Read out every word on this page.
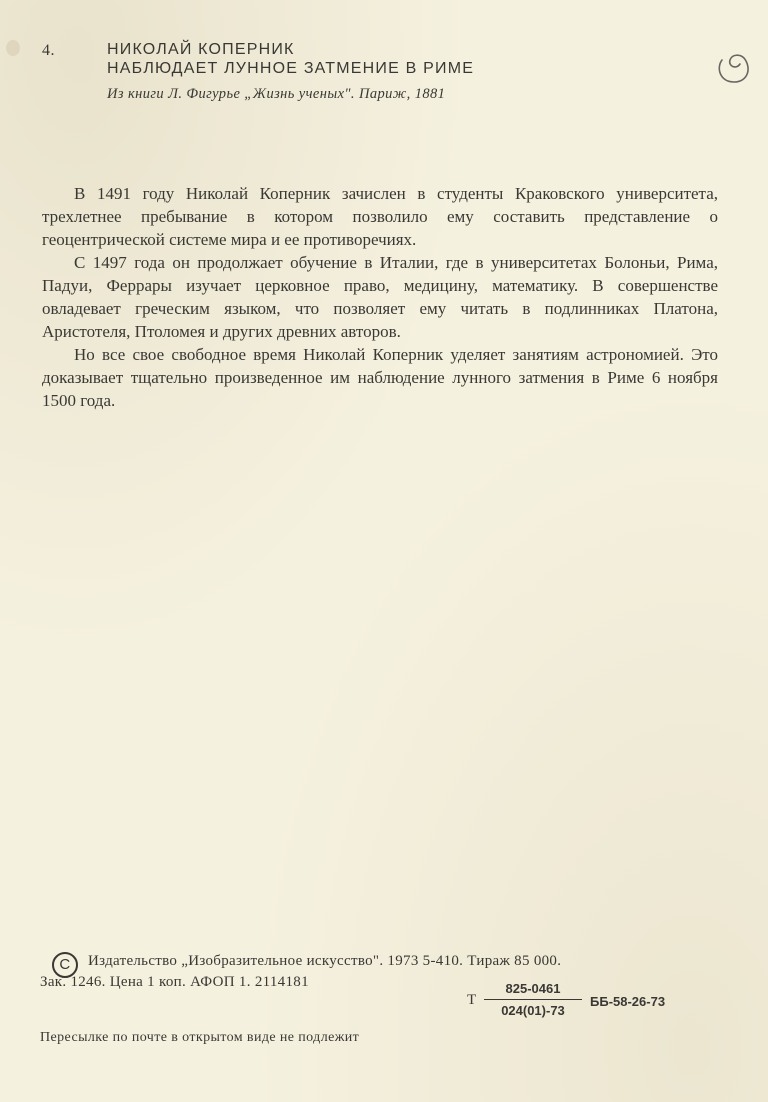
4.	НИКОЛАЙ КОПЕРНИК
НАБЛЮДАЕТ ЛУННОЕ ЗАТМЕНИЕ В РИМЕ
Из книги Л. Фигурье „Жизнь ученых". Париж, 1881

В 1491 году Николай Коперник зачислен в студенты Краковского университета, трехлетнее пребывание в котором позволило ему составить представление о геоцентрической системе мира и ее противоречиях.

С 1497 года он продолжает обучение в Италии, где в университетах Болоньи, Рима, Падуи, Феррары изучает церковное право, медицину, математику. В совершенстве овладевает греческим языком, что позволяет ему читать в подлинниках Платона, Аристотеля, Птоломея и других древних авторов.

Но все свое свободное время Николай Коперник уделяет занятиям астрономией. Это доказывает тщательно произведенное им наблюдение лунного затмения в Риме 6 ноября 1500 года.

C Издательство „Изобразительное искусство". 1973 5-410. Тираж 85 000.
Зак. 1246. Цена 1 коп. АФОП 1. 2114181
Т
825-0461
024(01)-73
ББ-58-26-73
Пересылке по почте в открытом виде не подлежит
